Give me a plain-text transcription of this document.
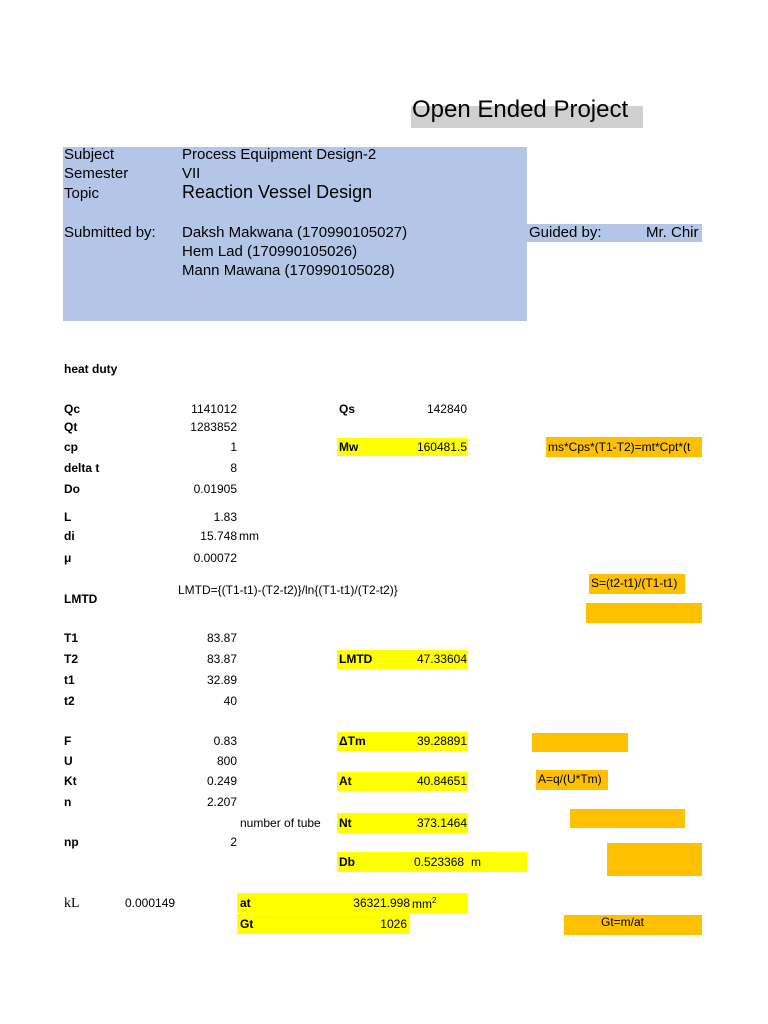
Open Ended Project
Subject	Process Equipment Design-2
Semester	VII
Topic	Reaction Vessel Design
Submitted by: Daksh Makwana (170990105027)
Hem Lad (170990105026)
Mann Mawana (170990105028)
Guided by:	Mr. Chir
heat duty
Qc	1141012
Qt	1283852
cp	1
delta t	8
Do	0.01905
L	1.83
di	15.748 mm
μ	0.00072
LMTD
LMTD={(T1-t1)-(T2-t2)}/ln{(T1-t1)/(T2-t2)}
T1	83.87
T2	83.87
t1	32.89
t2	40
F	0.83
U	800
Kt	0.249
n	2.207
np	2
number of tube
Qs	142840
Mw	160481.5
LMTD	47.33604
ΔTm	39.28891
At	40.84651
Nt	373.1464
Db	0.523368 m
at	36321.998 $mm^2$
Gt	1026
kL	0.000149
ms*Cps*(T1-T2)=mt*Cpt*(t
S=(t2-t1)/(T1-t1)
A=q/(U*Tm)
Gt=m/at
